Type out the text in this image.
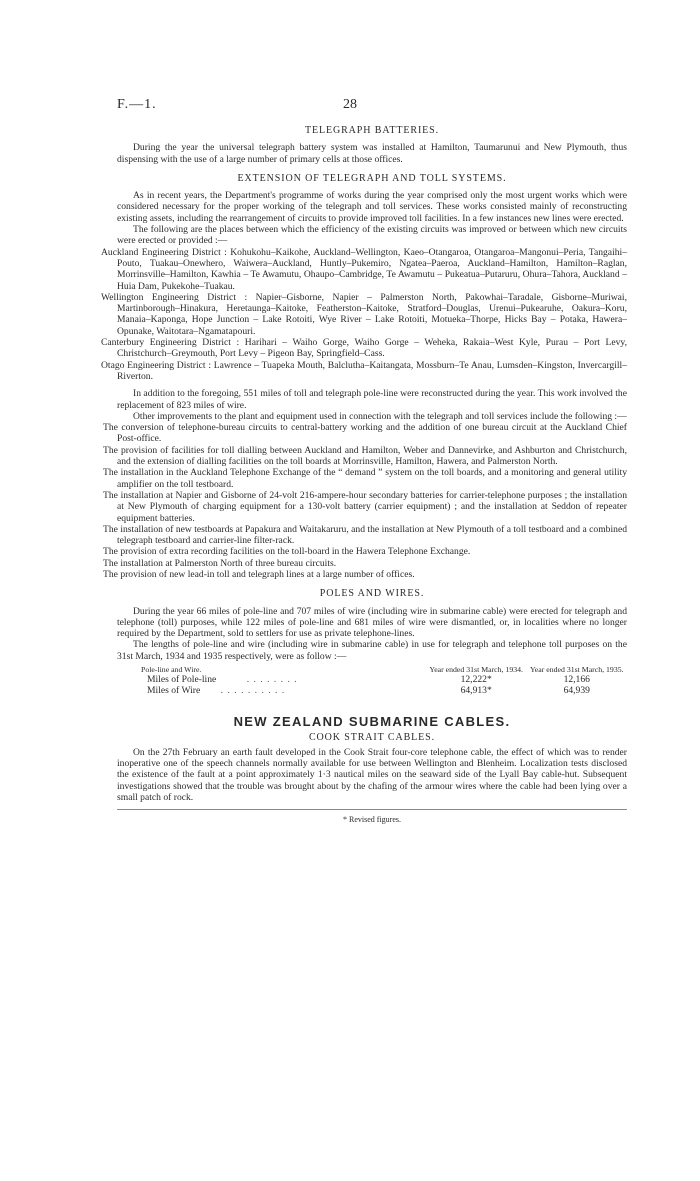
F.—1.	28
TELEGRAPH BATTERIES.

During the year the universal telegraph battery system was installed at Hamilton, Taumarunui and New Plymouth, thus dispensing with the use of a large number of primary cells at those offices.

EXTENSION OF TELEGRAPH AND TOLL SYSTEMS.

As in recent years, the Department's programme of works during the year comprised only the most urgent works which were considered necessary for the proper working of the telegraph and toll services. These works consisted mainly of reconstructing existing assets, including the rearrangement of circuits to provide improved toll facilities. In a few instances new lines were erected.

The following are the places between which the efficiency of the existing circuits was improved or between which new circuits were erected or provided :—

Auckland Engineering District : Kohukohu–Kaikohe, Auckland–Wellington, Kaeo–Otangaroa, Otangaroa–Mangonui–Peria, Tangaihi–Pouto, Tuakau–Onewhero, Waiwera–Auckland, Huntly–Pukemiro, Ngatea–Paeroa, Auckland–Hamilton, Hamilton–Raglan, Morrinsville–Hamilton, Kawhia – Te Awamutu, Ohaupo–Cambridge, Te Awamutu – Pukeatua–Putaruru, Ohura–Tahora, Auckland – Huia Dam, Pukekohe–Tuakau.

Wellington Engineering District : Napier–Gisborne, Napier – Palmerston North, Pakowhai–Taradale, Gisborne–Muriwai, Martinborough–Hinakura, Heretaunga–Kaitoke, Featherston–Kaitoke, Stratford–Douglas, Urenui–Pukearuhe, Oakura–Koru, Manaia–Kaponga, Hope Junction – Lake Rotoiti, Wye River – Lake Rotoiti, Motueka–Thorpe, Hicks Bay – Potaka, Hawera–Opunake, Waitotara–Ngamatapouri.

Canterbury Engineering District : Harihari – Waiho Gorge, Waiho Gorge – Weheka, Rakaia–West Kyle, Purau – Port Levy, Christchurch–Greymouth, Port Levy – Pigeon Bay, Springfield–Cass.

Otago Engineering District : Lawrence – Tuapeka Mouth, Balclutha–Kaitangata, Mossburn–Te Anau, Lumsden–Kingston, Invercargill–Riverton.

In addition to the foregoing, 551 miles of toll and telegraph pole-line were reconstructed during the year. This work involved the replacement of 823 miles of wire.

Other improvements to the plant and equipment used in connection with the telegraph and toll services include the following :—

The conversion of telephone-bureau circuits to central-battery working and the addition of one bureau circuit at the Auckland Chief Post-office.

The provision of facilities for toll dialling between Auckland and Hamilton, Weber and Dannevirke, and Ashburton and Christchurch, and the extension of dialling facilities on the toll boards at Morrinsville, Hamilton, Hawera, and Palmerston North.

The installation in the Auckland Telephone Exchange of the “ demand ” system on the toll boards, and a monitoring and general utility amplifier on the toll testboard.

The installation at Napier and Gisborne of 24-volt 216-ampere-hour secondary batteries for carrier-telephone purposes ; the installation at New Plymouth of charging equipment for a 130-volt battery (carrier equipment) ; and the installation at Seddon of repeater equipment batteries.

The installation of new testboards at Papakura and Waitakaruru, and the installation at New Plymouth of a toll testboard and a combined telegraph testboard and carrier-line filter-rack.

The provision of extra recording facilities on the toll-board in the Hawera Telephone Exchange.

The installation at Palmerston North of three bureau circuits.

The provision of new lead-in toll and telegraph lines at a large number of offices.

POLES AND WIRES.

During the year 66 miles of pole-line and 707 miles of wire (including wire in submarine cable) were erected for telegraph and telephone (toll) purposes, while 122 miles of pole-line and 681 miles of wire were dismantled, or, in localities where no longer required by the Department, sold to settlers for use as private telephone-lines.

The lengths of pole-line and wire (including wire in submarine cable) in use for telegraph and telephone toll purposes on the 31st March, 1934 and 1935 respectively, were as follow :—

Pole-line and Wire.	Year ended 31st March, 1934.	Year ended 31st March, 1935.
Miles of Pole-line . . . . . . . .	12,222*	12,166
Miles of Wire . . . . . . . . . .	64,913*	64,939
NEW ZEALAND SUBMARINE CABLES.
COOK STRAIT CABLES.

On the 27th February an earth fault developed in the Cook Strait four-core telephone cable, the effect of which was to render inoperative one of the speech channels normally available for use between Wellington and Blenheim. Localization tests disclosed the existence of the fault at a point approximately 1·3 nautical miles on the seaward side of the Lyall Bay cable-hut. Subsequent investigations showed that the trouble was brought about by the chafing of the armour wires where the cable had been lying over a small patch of rock.

* Revised figures.
